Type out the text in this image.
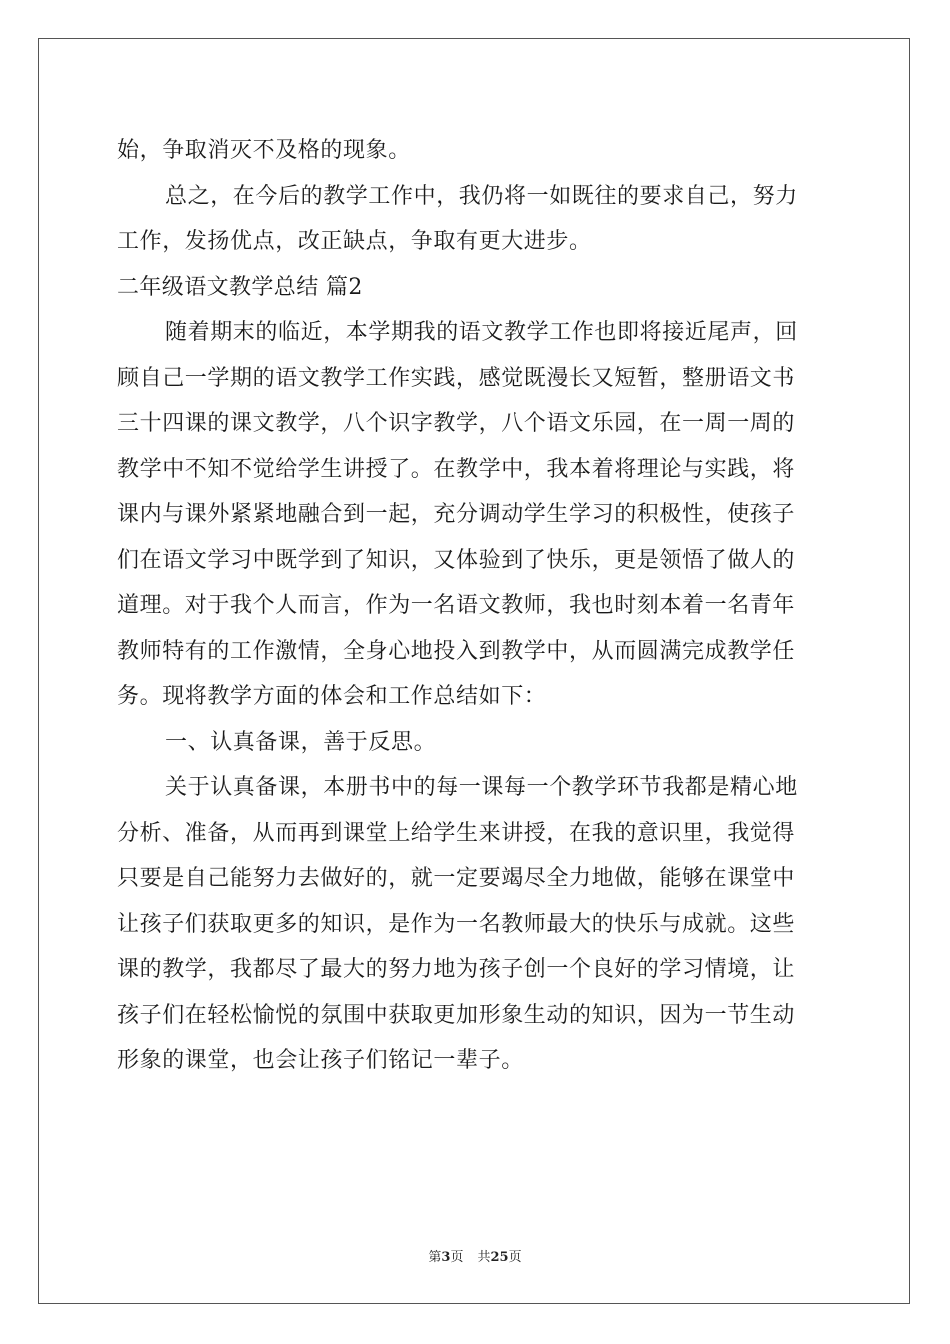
始，争取消灭不及格的现象。
总之，在今后的教学工作中，我仍将一如既往的要求自己，努力
工作，发扬优点，改正缺点，争取有更大进步。
二年级语文教学总结 篇2
随着期末的临近，本学期我的语文教学工作也即将接近尾声，回
顾自己一学期的语文教学工作实践，感觉既漫长又短暂，整册语文书
三十四课的课文教学，八个识字教学，八个语文乐园，在一周一周的
教学中不知不觉给学生讲授了。在教学中，我本着将理论与实践，将
课内与课外紧紧地融合到一起，充分调动学生学习的积极性，使孩子
们在语文学习中既学到了知识，又体验到了快乐，更是领悟了做人的
道理。对于我个人而言，作为一名语文教师，我也时刻本着一名青年
教师特有的工作激情，全身心地投入到教学中，从而圆满完成教学任
务。现将教学方面的体会和工作总结如下：
一、认真备课，善于反思。
关于认真备课，本册书中的每一课每一个教学环节我都是精心地
分析、准备，从而再到课堂上给学生来讲授，在我的意识里，我觉得
只要是自己能努力去做好的，就一定要竭尽全力地做，能够在课堂中
让孩子们获取更多的知识，是作为一名教师最大的快乐与成就。这些
课的教学，我都尽了最大的努力地为孩子创一个良好的学习情境，让
孩子们在轻松愉悦的氛围中获取更加形象生动的知识，因为一节生动
形象的课堂，也会让孩子们铭记一辈子。
第3页 共25页
